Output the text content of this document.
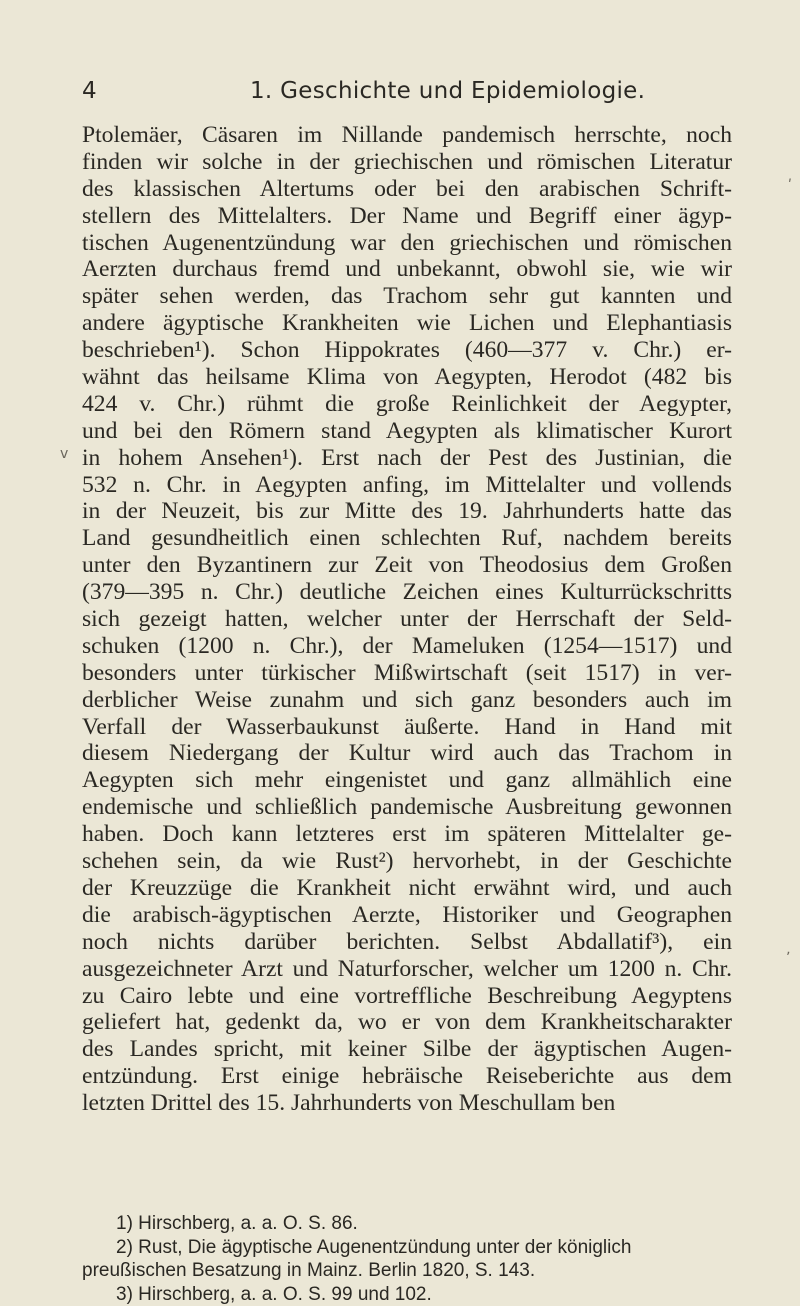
4	1. Geschichte und Epidemiologie.
Ptolemäer, Cäsaren im Nillande pandemisch herrschte, noch
finden wir solche in der griechischen und römischen Literatur
des klassischen Altertums oder bei den arabischen Schrift-
stellern des Mittelalters. Der Name und Begriff einer ägyp-
tischen Augenentzündung war den griechischen und römischen
Aerzten durchaus fremd und unbekannt, obwohl sie, wie wir
später sehen werden, das Trachom sehr gut kannten und
andere ägyptische Krankheiten wie Lichen und Elephantiasis
beschrieben¹). Schon Hippokrates (460—377 v. Chr.) er-
wähnt das heilsame Klima von Aegypten, Herodot (482 bis
424 v. Chr.) rühmt die große Reinlichkeit der Aegypter,
und bei den Römern stand Aegypten als klimatischer Kurort
in hohem Ansehen¹). Erst nach der Pest des Justinian, die
532 n. Chr. in Aegypten anfing, im Mittelalter und vollends
in der Neuzeit, bis zur Mitte des 19. Jahrhunderts hatte das
Land gesundheitlich einen schlechten Ruf, nachdem bereits
unter den Byzantinern zur Zeit von Theodosius dem Großen
(379—395 n. Chr.) deutliche Zeichen eines Kulturrückschritts
sich gezeigt hatten, welcher unter der Herrschaft der Seld-
schuken (1200 n. Chr.), der Mameluken (1254—1517) und
besonders unter türkischer Mißwirtschaft (seit 1517) in ver-
derblicher Weise zunahm und sich ganz besonders auch im
Verfall der Wasserbaukunst äußerte. Hand in Hand mit
diesem Niedergang der Kultur wird auch das Trachom in
Aegypten sich mehr eingenistet und ganz allmählich eine
endemische und schließlich pandemische Ausbreitung gewonnen
haben. Doch kann letzteres erst im späteren Mittelalter ge-
schehen sein, da wie Rust²) hervorhebt, in der Geschichte
der Kreuzzüge die Krankheit nicht erwähnt wird, und auch
die arabisch-ägyptischen Aerzte, Historiker und Geographen
noch nichts darüber berichten. Selbst Abdallatif³), ein
ausgezeichneter Arzt und Naturforscher, welcher um 1200 n. Chr.
zu Cairo lebte und eine vortreffliche Beschreibung Aegyptens
geliefert hat, gedenkt da, wo er von dem Krankheitscharakter
des Landes spricht, mit keiner Silbe der ägyptischen Augen-
entzündung. Erst einige hebräische Reiseberichte aus dem
letzten Drittel des 15. Jahrhunderts von Meschullam ben
1) Hirschberg, a. a. O. S. 86.
2) Rust, Die ägyptische Augenentzündung unter der königlich
preußischen Besatzung in Mainz. Berlin 1820, S. 143.
3) Hirschberg, a. a. O. S. 99 und 102.
ʹ
v
ʼ
